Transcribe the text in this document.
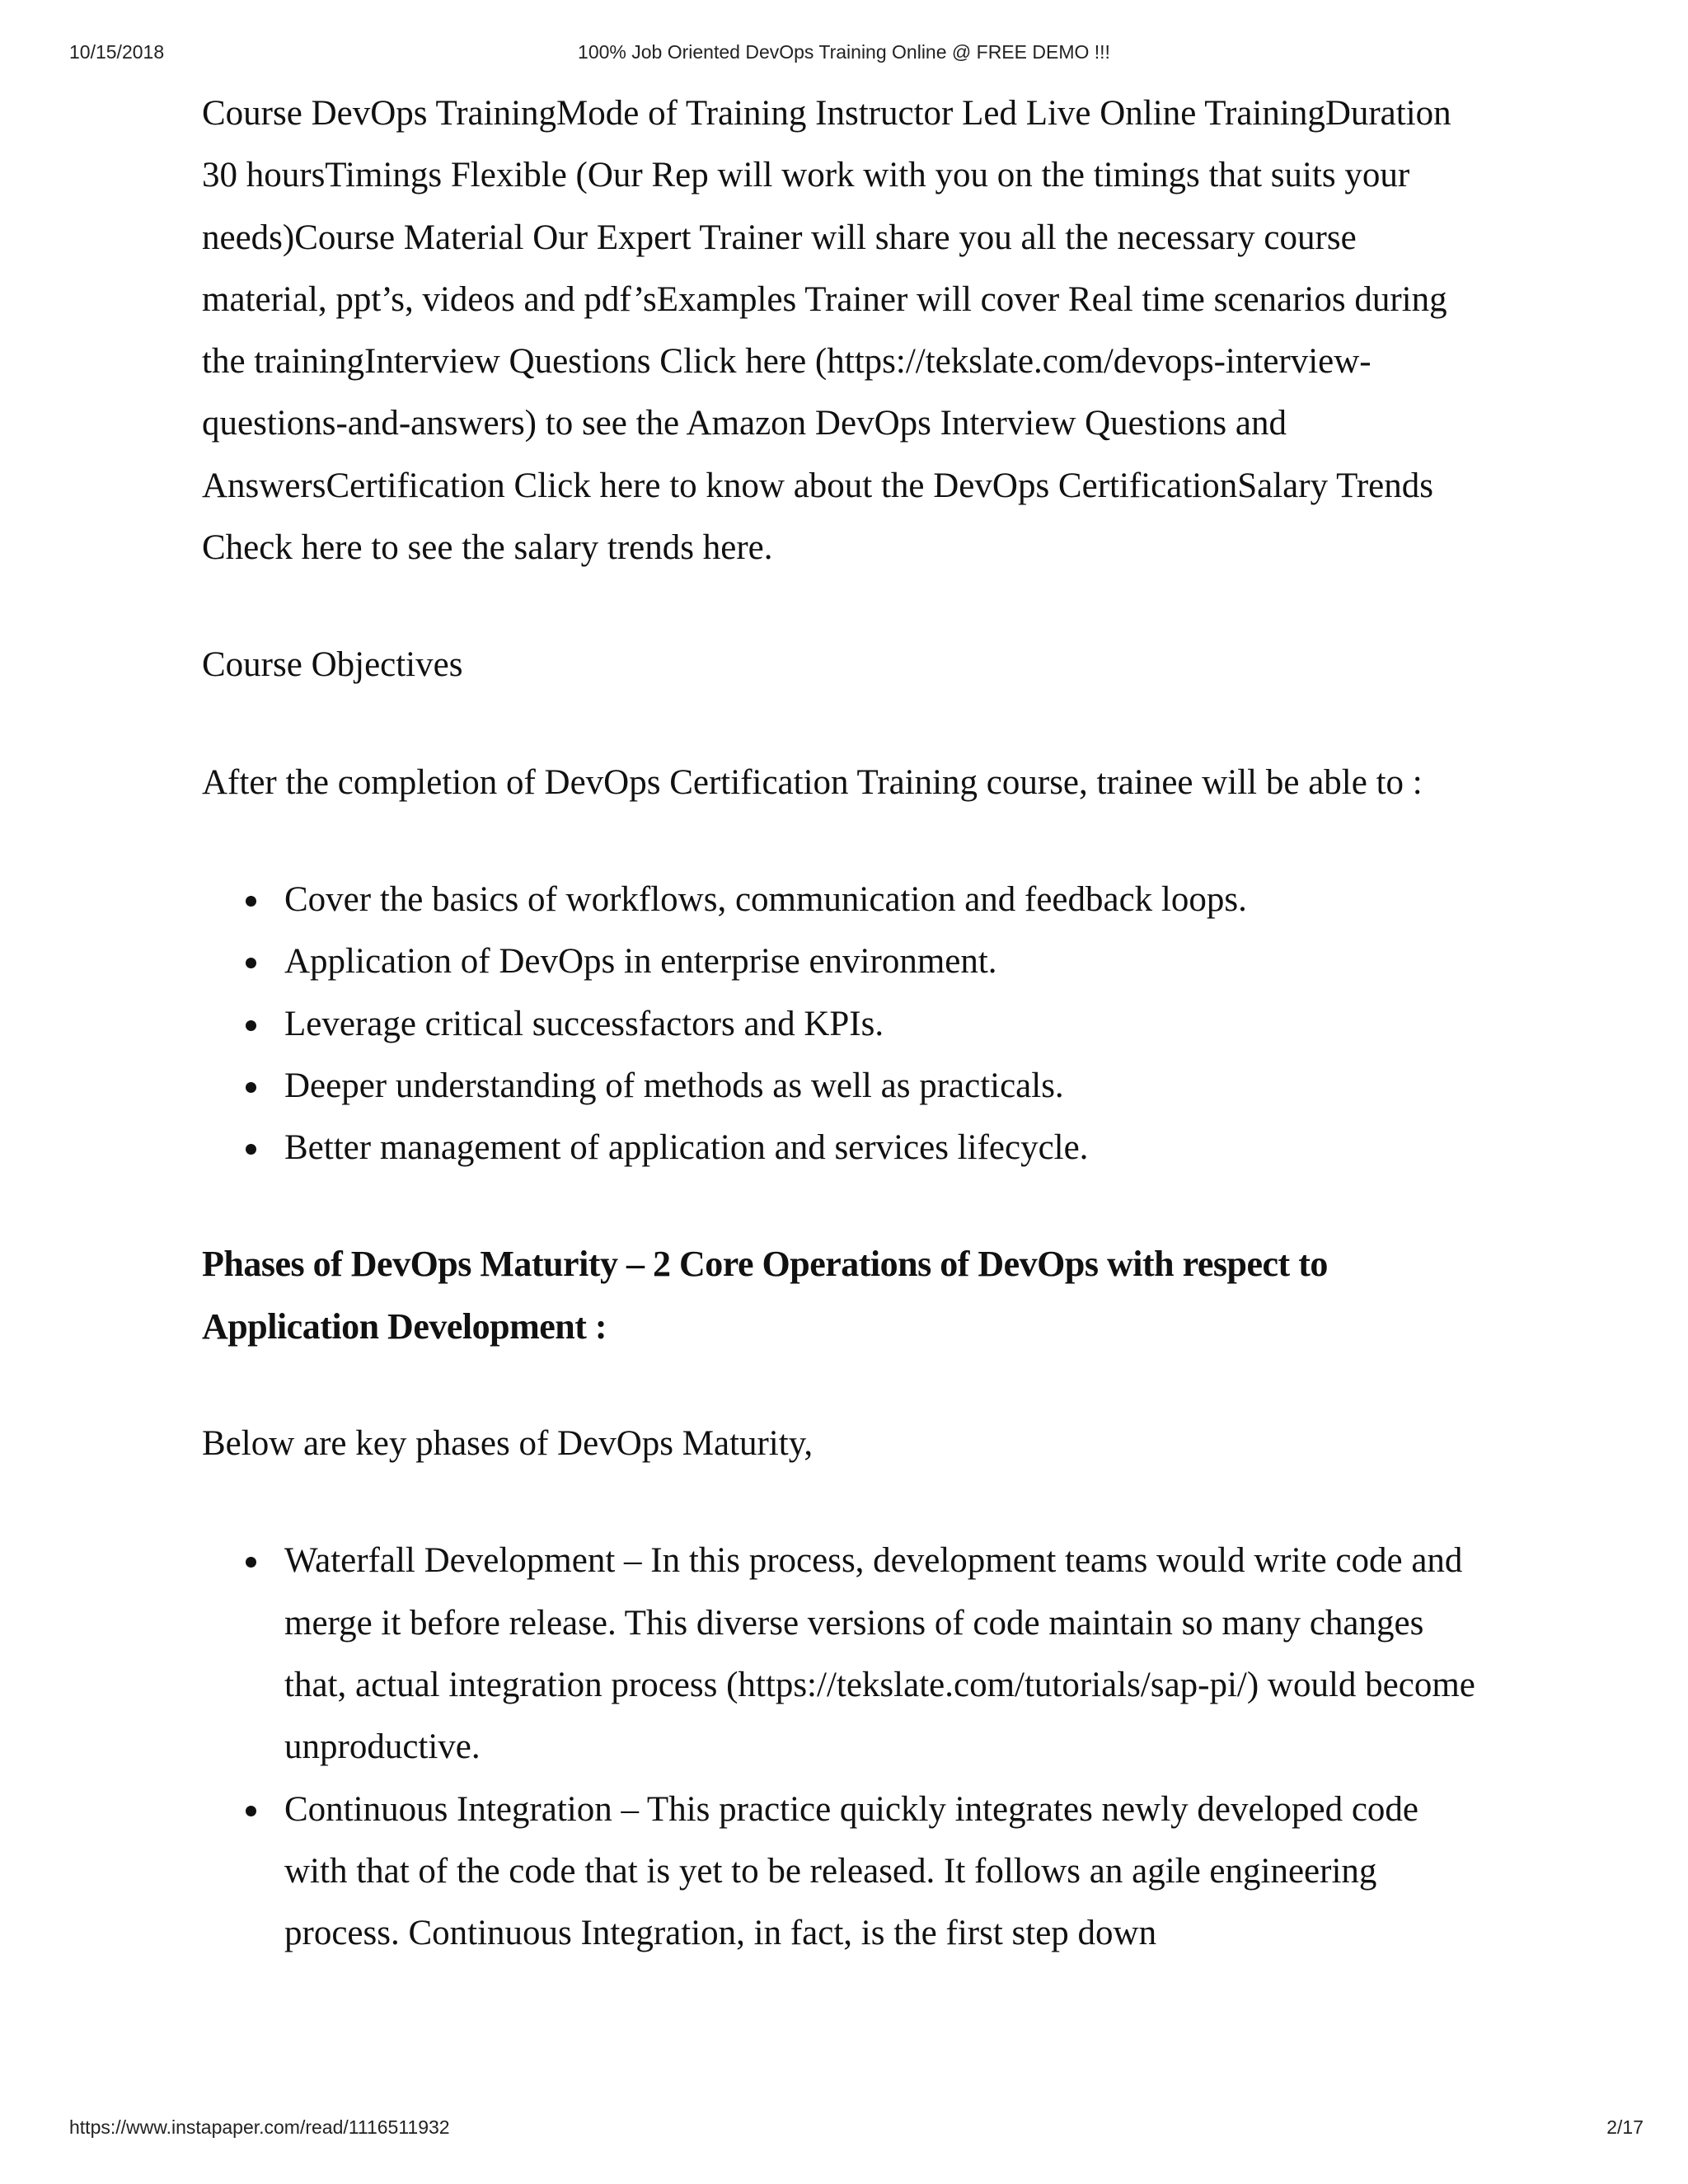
10/15/2018	100% Job Oriented DevOps Training Online @ FREE DEMO !!!

Course DevOps TrainingMode of Training Instructor Led Live Online TrainingDuration 30 hoursTimings Flexible (Our Rep will work with you on the timings that suits your needs)Course Material Our Expert Trainer will share you all the necessary course material, ppt’s, videos and pdf’sExamples Trainer will cover Real time scenarios during the trainingInterview Questions Click here (https://tekslate.com/devops-interview-questions-and-answers) to see the Amazon DevOps Interview Questions and AnswersCertification Click here to know about the DevOps CertificationSalary Trends Check here to see the salary trends here.

Course Objectives

After the completion of DevOps Certification Training course, trainee will be able to :

Cover the basics of workflows, communication and feedback loops.
Application of DevOps in enterprise environment.
Leverage critical successfactors and KPIs.
Deeper understanding of methods as well as practicals.
Better management of application and services lifecycle.
Phases of DevOps Maturity – 2 Core Operations of DevOps with respect to Application Development :

Below are key phases of DevOps Maturity,

Waterfall Development – In this process, development teams would write code and merge it before release. This diverse versions of code maintain so many changes that, actual integration process (https://tekslate.com/tutorials/sap-pi/) would become unproductive.
Continuous Integration – This practice quickly integrates newly developed code with that of the code that is yet to be released. It follows an agile engineering process. Continuous Integration, in fact, is the first step down
https://www.instapaper.com/read/1116511932	2/17
